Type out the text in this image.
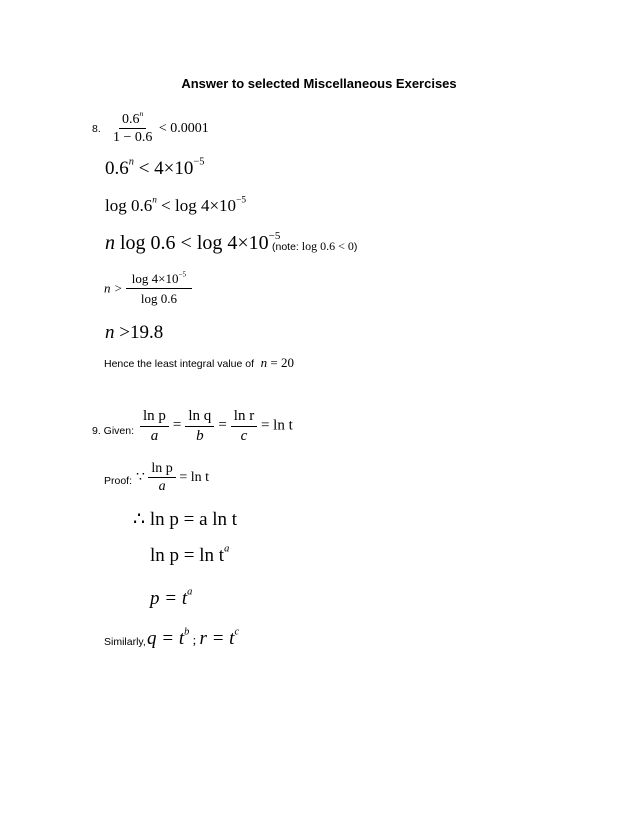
Answer to selected Miscellaneous Exercises
8. $\frac{0.6^n}{1 - 0.6} < 0.0001$
$0.6^n < 4\times 10^{-5}$
$\log 0.6^n < \log 4\times 10^{-5}$
n $\log 0.6 < \log 4\times 10^{-5}$
(note: log 0.6 < 0)
$n > \frac{\log 4\times 10^{-5}}{\log 0.6}$
n >19.8
Hence the least integral value of n = 20
9. Given: $\frac{\text{ln p}}{a} = \frac{\text{ln q}}{b} = \frac{\text{ln r}}{c} = \ln t$
Proof: ∵ $\frac{\text{ln p}}{a} = \ln t$
∴ ln p = a ln t
$\ln p = \ln t^a$
$p = t^a$
Similarly, $q = t^b$ ; $r = t^c$
